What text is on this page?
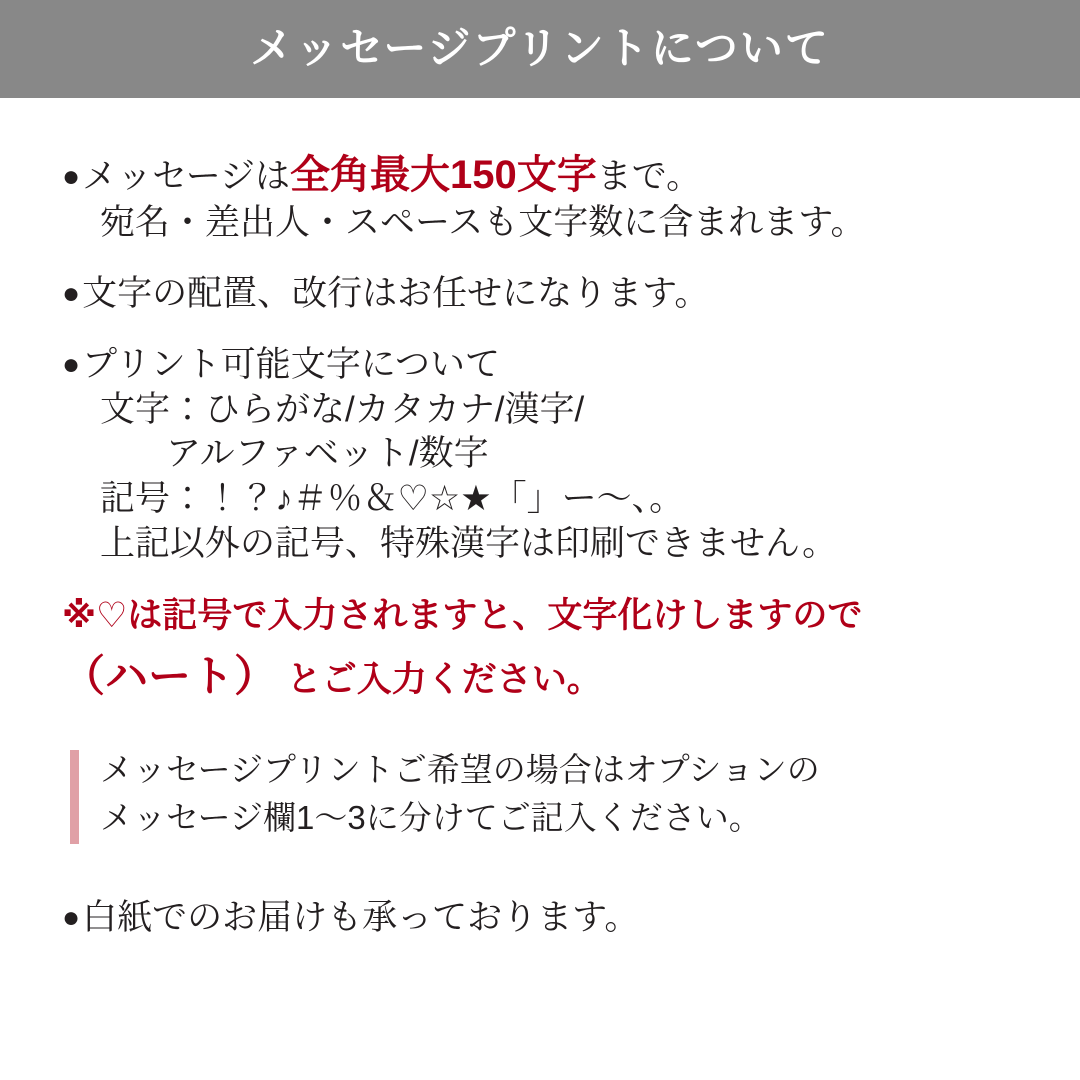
メッセージプリントについて
● メッセージは 全角最大150文字 まで。
宛名・差出人・スペースも文字数に含まれます。
● 文字の配置、改行はお任せになります。
● プリント可能文字について
文字：ひらがな/カタカナ/漢字/
アルファベット/数字
記号：！？♪＃％＆♡☆★「」ー〜、。
上記以外の記号、特殊漢字は印刷できません。
※♡は記号で入力されますと、文字化けしますので
（ハート） とご入力ください。
メッセージプリントご希望の場合はオプションの
メッセージ欄1〜3に分けてご記入ください。
● 白紙でのお届けも承っております。
